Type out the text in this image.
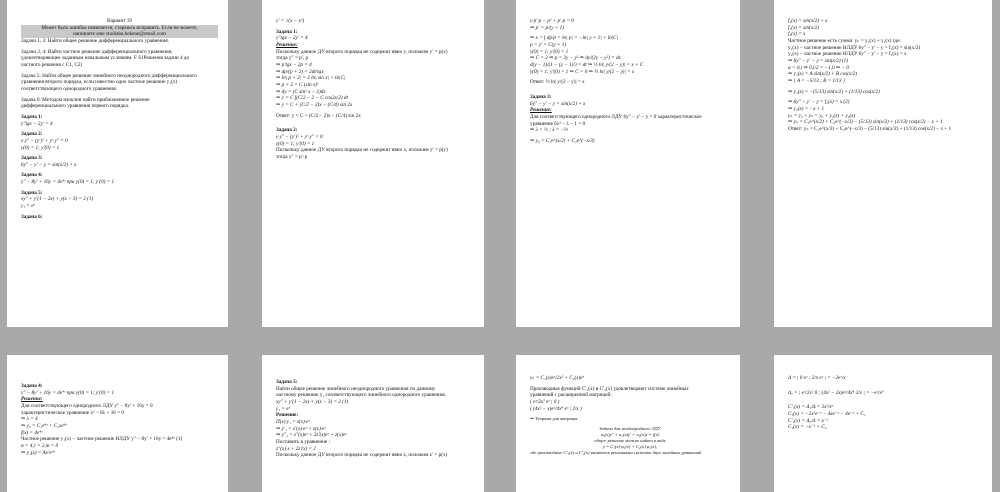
Вариант 19
Может быть ошибка появляется, стараюсь исправить. Если не можете,
напишите мне studiaba.bekene@email.com
Задачи 1, 3: Найти общее решение дифференциального уравнения.
Задачи 2, 4: Найти частное решение дифференциального уравнения,
удовлетворяющее заданным начальным условиям. F S1Решения задачи 4 до
частного решения с C1, C2)
Задача 5: Найти общее решение линейного неоднородного дифференциального
уравнения второго порядка, если известно одно частное решение y₁(x)
соответствующего однородного уравнения.
Задача 6: Методом изоклин найти приближенное решение
дифференциального уравнения первого порядка.
Задача 1:
y″tgx − 2y′ = 4
Задача 2:
y·y″ − (y′)² + y′·y″ = 0
y(0) = 1; y′(0) = 1
Задача 3:
6y″ − y′ − y = sin(x/2) + x
Задача 4:
y″ − 8y′ + 16y = 4e⁴ˣ при y(0) = 1; y′(0) = 1
Задача 5:
xy″ + y′(1 − 2x) + y(x − 3) = 2 (1)
y₁ = eˣ
Задача 6:
y′ = √(x − x²)
Задача 1:
y″tgx − 2y′ = 4
Решение:
Поскольку данное ДУ второго порядка не содержит явно y, положим y′ = p(x)
тогда y″ = p′, p
⇒ p′tgx − 2p = 4
⇒ dp/(p + 2) = 2dt/tgx
⇒ ln| p + 2| = 2 ln| sin x| + ln|C|
⇒ p + 2 = C (sin x)²
⇒ dy = (C sin² x − 2)dx
⇒ y = C ∫(C/2 − 2 − C cos2x/2) dt
⇒ y = C + (C/2 − 2)x − (C/4) sin 2x
Ответ: y = C + (C/2 − 2)x − (C/4) sin 2x
Задача 2:
y·y″ − (y′)² + y′·y″ = 0
y(0) = 1; y′(0) = 1
Поскольку данное ДУ второго порядка не содержит явно x, положим y′ = p(y)
тогда y″ = p′·p
y·p′·p − p² + p′·p = 0
⇒ p′ = p/(y + 1)
⇒ x = ∫ dp/p = ln| p| = −ln| y + 1| + ln|C|
p = y′ = C(y + 1)
y(0) = 1; y′(0) = 1
⇒ C = 2 ⇒ p = 2y − y² ⇒ dy/(2y − y²) = dx
d(y − 1)/(1 − (y − 1)²) = dt ⇒ ½ ln| y/(2 − y)| = x + C
y(0) = 1; y′(0) = 1 ⇒ C = 0 ⇒ ½ ln| y/(2 − y)| = x
Ответ: ½ ln| y/(2 − y)| = x
Задача 3:
6y″ − y′ − y = sin(x/2) + x
Решение:
Для соответствующего однородного ЛДУ 6y″ − y′ − y = 0 характеристическое
уравнение 6λ² − λ − 1 = 0
⇒ λ = ½ ; λ = −⅓
⇒ y₀ = C₁e^(x/2) + C₂e^(−x/3)
f₁(x) = sin(x/2) + x
f₁(x) = sin(x/2)
f₂(x) = x
Частное решение есть сумма: yₙ = y₁(x) + y₂(x) где:
y₁(x) − частное решение НЛДУ 6y″ − y′ − y = f₁(x) = sin(x/2)
y₂(x) − частное решение НЛДУ 6y″ − y′ − y = f₂(x) = x
⇒ 6y″ − y′ − y = sin(x/2) (1)
α = 0,i ⇒ 0,i/2 = −1,0 ⇒ − 0
⇒ y₁(x) = A sin(x/2) + B cos(x/2)
⇒ { A = −5/13 ; B = 1/13 }
⇒ y₁(x) = −(5/13) sin(x/2) + (1/13) cos(x/2)
⇒ 6y″ − y′ − y = f₂(x) = x (2)
⇒ y₂(x) = −x + 1
yₙ = y₀ + yₙ = y₀ + y₁(x) + y₂(x)
⇒ yₙ = C₁e^(x/2) + C₂e^(−x/3) − (5/13) sin(x/2) + (1/13) cos(x/2) − x + 1
Ответ: yₙ = C₁e^(x/2) + C₂e^(−x/3) − (5/13) sin(x/2) + (1/13) cos(x/2) − x + 1
Задача 4:
y″ − 8y′ + 16y = 4e⁴ˣ при y(0) = 1; y′(0) = 1
Решение:
Для соответствующего однородного ЛДУ y″ − 8y′ + 16y = 0
характеристическое уравнение λ² − 8λ + 16 = 0
⇒ λ = 4
⇒ y₀ = C₁e⁴ˣ + C₂xe⁴ˣ
f(x) = 4e⁴ˣ
Частное решение y₁(x) − частное решение НЛДУ y″ − 8y′ + 16y = 4e⁴ˣ (1)
α = 4,r = 2,m = 0
⇒ y₁(x) = Ax²e⁴ˣ
Задача 5:
Найти общее решение линейного неоднородного уравнения по данному
частному решению y₁ соответствующего линейного однородного уравнения.
xy″ + y′(1 − 2x) + y(x − 3) = 2 (1)
y₁ = eˣ
Решение:
П(x)·y₁ = z(x)·eˣ
⇒ y′₁ = z′(x)·eˣ + z(x)·eˣ
⇒ y″₁ = z″(x)eˣ + 2z′(x)eˣ + z(x)eˣ
Поставить в уравнение :
z″(x)·x + 2z′(x) = 2
Поскольку данное ДУ второго порядка не содержит явно z, положим z′ = p(x)
yₙ = C₁(x)eˣ/2x² + C₂(x)eˣ
Производные функций C′₁(x) и C′₂(x) удовлетворяют системе линейных
уравнений с расширенной матрицей:
( eˣ/2x² eˣ | 0 )
( (4x² − x)eˣ/4x⁴ eˣ | 2/x )
⇒ Теорема для матрицы
Задача для неоднородного ЛДУ
a₀(x)y″ + a₁(x)y′ + a₂(x)y = f(x)
общее решение можно найти в виде
y = C₁(x)·φ₁(x) + C₂(x)·φ₂(x),
где производные C′₁(x) и C′₂(x) являются решениями системы двух линейных уравнений
Δ = | 0 eˣ ; 2/x eˣ | = −2eˣ/x
Δ₂ = | eˣ/2x² 0 ; (4x² − 2x)eˣ/4x⁴ 2/x | = −eˣ/x³
C′₁(x) = Δ₁/Δ = 2x²/eˣ
C₁(x) = −2x²e⁻ˣ − 4xe⁻ˣ − 4e⁻ˣ + C₁
C′₂(x) = Δ₂/Δ = x⁻²
C₂(x) = −x⁻¹ + C₂
